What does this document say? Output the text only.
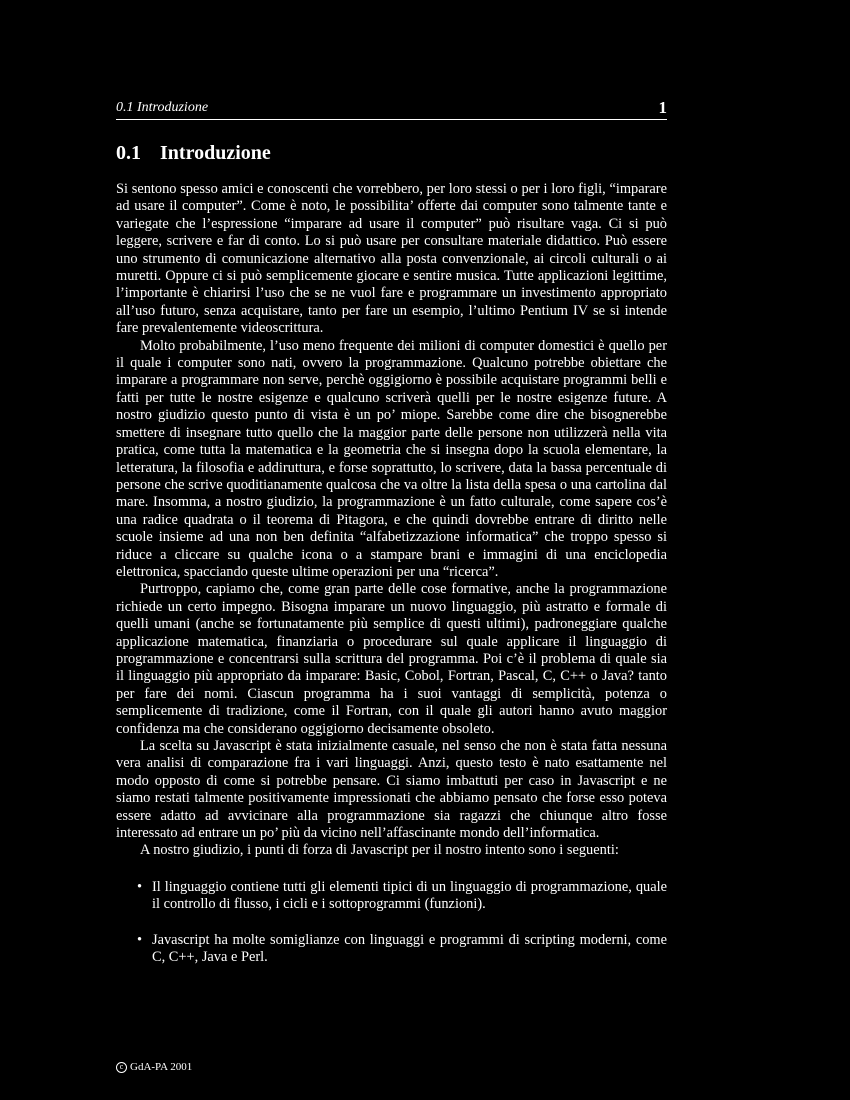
0.1 Introduzione	1
0.1 Introduzione

Si sentono spesso amici e conoscenti che vorrebbero, per loro stessi o per i loro figli, “imparare ad usare il computer”. Come è noto, le possibilita’ offerte dai computer sono talmente tante e variegate che l’espressione “imparare ad usare il computer” può risultare vaga. Ci si può leggere, scrivere e far di conto. Lo si può usare per consultare materiale didattico. Può essere uno strumento di comunicazione alternativo alla posta convenzionale, ai circoli culturali o ai muretti. Oppure ci si può semplicemente giocare e sentire musica. Tutte applicazioni legittime, l’importante è chiarirsi l’uso che se ne vuol fare e programmare un investimento appropriato all’uso futuro, senza acquistare, tanto per fare un esempio, l’ultimo Pentium IV se si intende fare prevalentemente videoscrittura.

Molto probabilmente, l’uso meno frequente dei milioni di computer domestici è quello per il quale i computer sono nati, ovvero la programmazione. Qualcuno potrebbe obiettare che imparare a programmare non serve, perchè oggigiorno è possibile acquistare programmi belli e fatti per tutte le nostre esigenze e qualcuno scriverà quelli per le nostre esigenze future. A nostro giudizio questo punto di vista è un po’ miope. Sarebbe come dire che bisognerebbe smettere di insegnare tutto quello che la maggior parte delle persone non utilizzerà nella vita pratica, come tutta la matematica e la geometria che si insegna dopo la scuola elementare, la letteratura, la filosofia e addiruttura, e forse soprattutto, lo scrivere, data la bassa percentuale di persone che scrive quoditianamente qualcosa che va oltre la lista della spesa o una cartolina dal mare. Insomma, a nostro giudizio, la programmazione è un fatto culturale, come sapere cos’è una radice quadrata o il teorema di Pitagora, e che quindi dovrebbe entrare di diritto nelle scuole insieme ad una non ben definita “alfabetizzazione informatica” che troppo spesso si riduce a cliccare su qualche icona o a stampare brani e immagini di una enciclopedia elettronica, spacciando queste ultime operazioni per una “ricerca”.

Purtroppo, capiamo che, come gran parte delle cose formative, anche la programmazione richiede un certo impegno. Bisogna imparare un nuovo linguaggio, più astratto e formale di quelli umani (anche se fortunatamente più semplice di questi ultimi), padroneggiare qualche applicazione matematica, finanziaria o procedurare sul quale applicare il linguaggio di programmazione e concentrarsi sulla scrittura del programma. Poi c’è il problema di quale sia il linguaggio più appropriato da imparare: Basic, Cobol, Fortran, Pascal, C, C++ o Java? tanto per fare dei nomi. Ciascun programma ha i suoi vantaggi di semplicità, potenza o semplicemente di tradizione, come il Fortran, con il quale gli autori hanno avuto maggior confidenza ma che considerano oggigiorno decisamente obsoleto.

La scelta su Javascript è stata inizialmente casuale, nel senso che non è stata fatta nessuna vera analisi di comparazione fra i vari linguaggi. Anzi, questo testo è nato esattamente nel modo opposto di come si potrebbe pensare. Ci siamo imbattuti per caso in Javascript e ne siamo restati talmente positivamente impressionati che abbiamo pensato che forse esso poteva essere adatto ad avvicinare alla programmazione sia ragazzi che chiunque altro fosse interessato ad entrare un po’ più da vicino nell’affascinante mondo dell’informatica.

A nostro giudizio, i punti di forza di Javascript per il nostro intento sono i seguenti:

• Il linguaggio contiene tutti gli elementi tipici di un linguaggio di programmazione, quale il controllo di flusso, i cicli e i sottoprogrammi (funzioni).
• Javascript ha molte somiglianze con linguaggi e programmi di scripting moderni, come C, C++, Java e Perl.
c GdA-PA 2001
